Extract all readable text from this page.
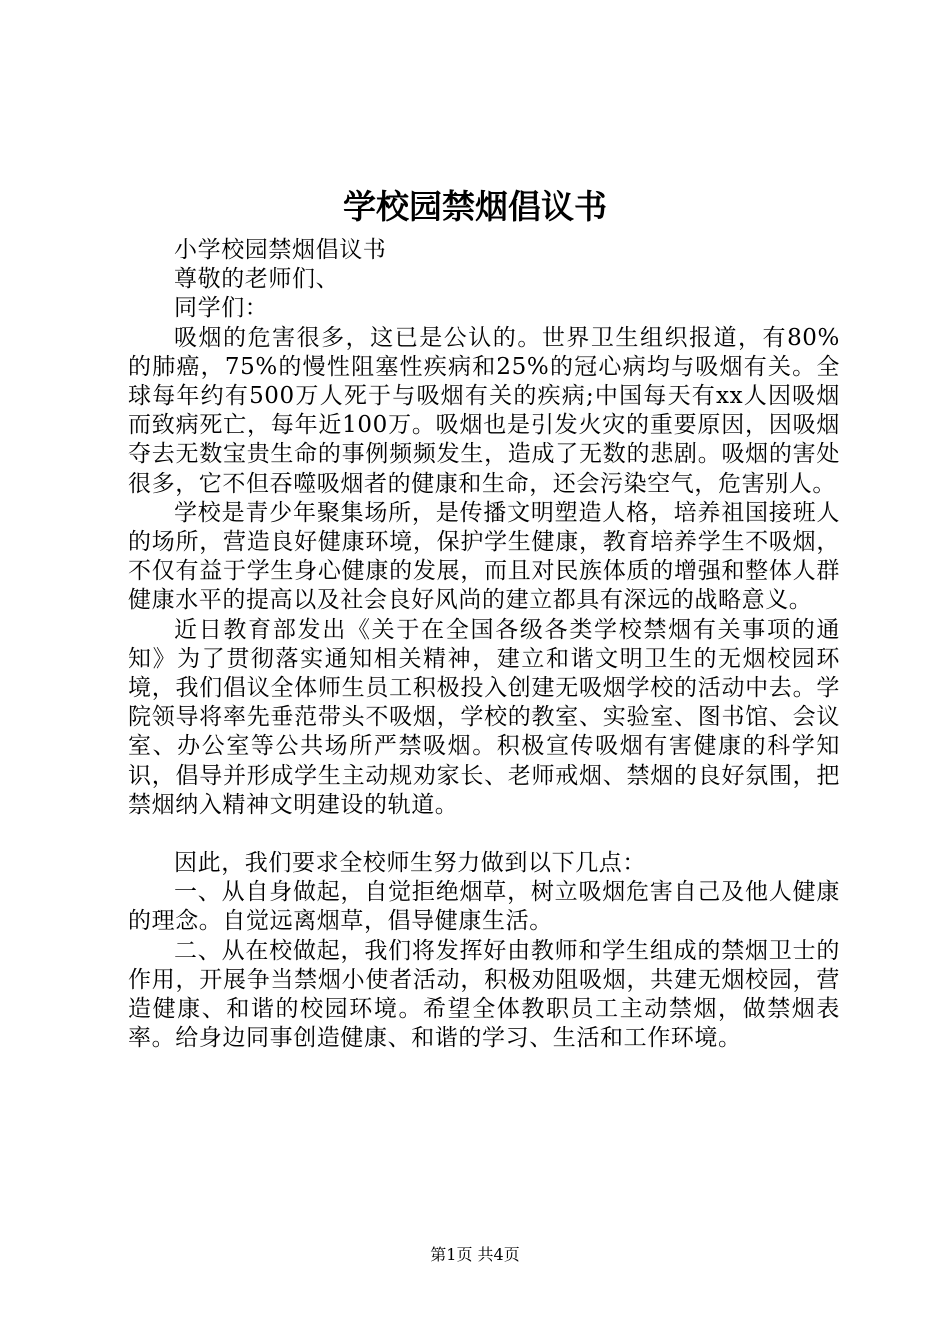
学校园禁烟倡议书

小学校园禁烟倡议书

尊敬的老师们、

同学们：

吸烟的危害很多，这已是公认的。世界卫生组织报道，有80%的肺癌，75%的慢性阻塞性疾病和25%的冠心病均与吸烟有关。全球每年约有500万人死于与吸烟有关的疾病;中国每天有xx人因吸烟而致病死亡，每年近100万。吸烟也是引发火灾的重要原因，因吸烟夺去无数宝贵生命的事例频频发生，造成了无数的悲剧。吸烟的害处很多，它不但吞噬吸烟者的健康和生命，还会污染空气，危害别人。

学校是青少年聚集场所，是传播文明塑造人格，培养祖国接班人的场所，营造良好健康环境，保护学生健康，教育培养学生不吸烟，不仅有益于学生身心健康的发展，而且对民族体质的增强和整体人群健康水平的提高以及社会良好风尚的建立都具有深远的战略意义。

近日教育部发出《关于在全国各级各类学校禁烟有关事项的通知》为了贯彻落实通知相关精神，建立和谐文明卫生的无烟校园环境，我们倡议全体师生员工积极投入创建无吸烟学校的活动中去。学院领导将率先垂范带头不吸烟，学校的教室、实验室、图书馆、会议室、办公室等公共场所严禁吸烟。积极宣传吸烟有害健康的科学知识，倡导并形成学生主动规劝家长、老师戒烟、禁烟的良好氛围，把禁烟纳入精神文明建设的轨道。

因此，我们要求全校师生努力做到以下几点：

一、从自身做起，自觉拒绝烟草，树立吸烟危害自己及他人健康的理念。自觉远离烟草，倡导健康生活。

二、从在校做起，我们将发挥好由教师和学生组成的禁烟卫士的作用，开展争当禁烟小使者活动，积极劝阻吸烟，共建无烟校园，营造健康、和谐的校园环境。希望全体教职员工主动禁烟，做禁烟表率。给身边同事创造健康、和谐的学习、生活和工作环境。

第1页 共4页
